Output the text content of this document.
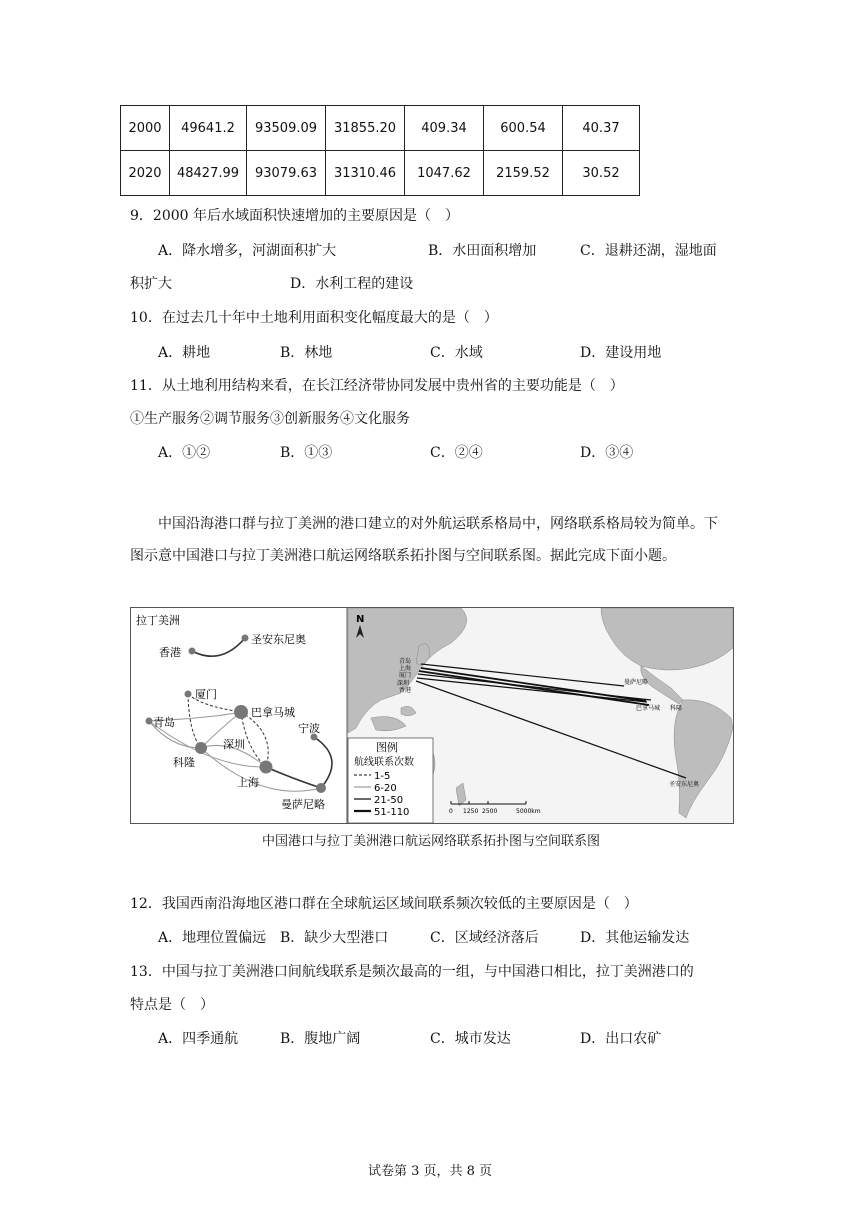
2000	49641.2	93509.09	31855.20	409.34	600.54	40.37
2020	48427.99	93079.63	31310.46	1047.62	2159.52	30.52
9．2000 年后水域面积快速增加的主要原因是（　）
A．降水增多，河湖面积扩大	B．水田面积增加	C．退耕还湖，湿地面
积扩大	D．水利工程的建设
10．在过去几十年中土地利用面积变化幅度最大的是（　）
A．耕地	B．林地	C．水域	D．建设用地
11．从土地利用结构来看，在长江经济带协同发展中贵州省的主要功能是（　）
①生产服务②调节服务③创新服务④文化服务
A．①②	B．①③	C．②④	D．③④
中国沿海港口群与拉丁美洲的港口建立的对外航运联系格局中，网络联系格局较为简单。下图示意中国港口与拉丁美洲港口航运网络联系拓扑图与空间联系图。据此完成下面小题。
拉丁美洲
香港
圣安东尼奥
厦门
巴拿马城
青岛
深圳
宁波
科隆
上海
曼萨尼略
N
青岛
上海
厦门
深圳
香港
曼萨尼略
巴拿马城 科隆
圣安东尼奥
图例
航线联系次数
1-5
6-20
21-50
51-110	0 1250 2500	5000km
中国港口与拉丁美洲港口航运网络联系拓扑图与空间联系图
12．我国西南沿海地区港口群在全球航运区域间联系频次较低的主要原因是（　）
A．地理位置偏远 B．缺少大型港口	C．区域经济落后	D．其他运输发达
13．中国与拉丁美洲港口间航线联系是频次最高的一组，与中国港口相比，拉丁美洲港口的
特点是（　）
A．四季通航	B．腹地广阔	C．城市发达	D．出口农矿
试卷第 3 页，共 8 页
